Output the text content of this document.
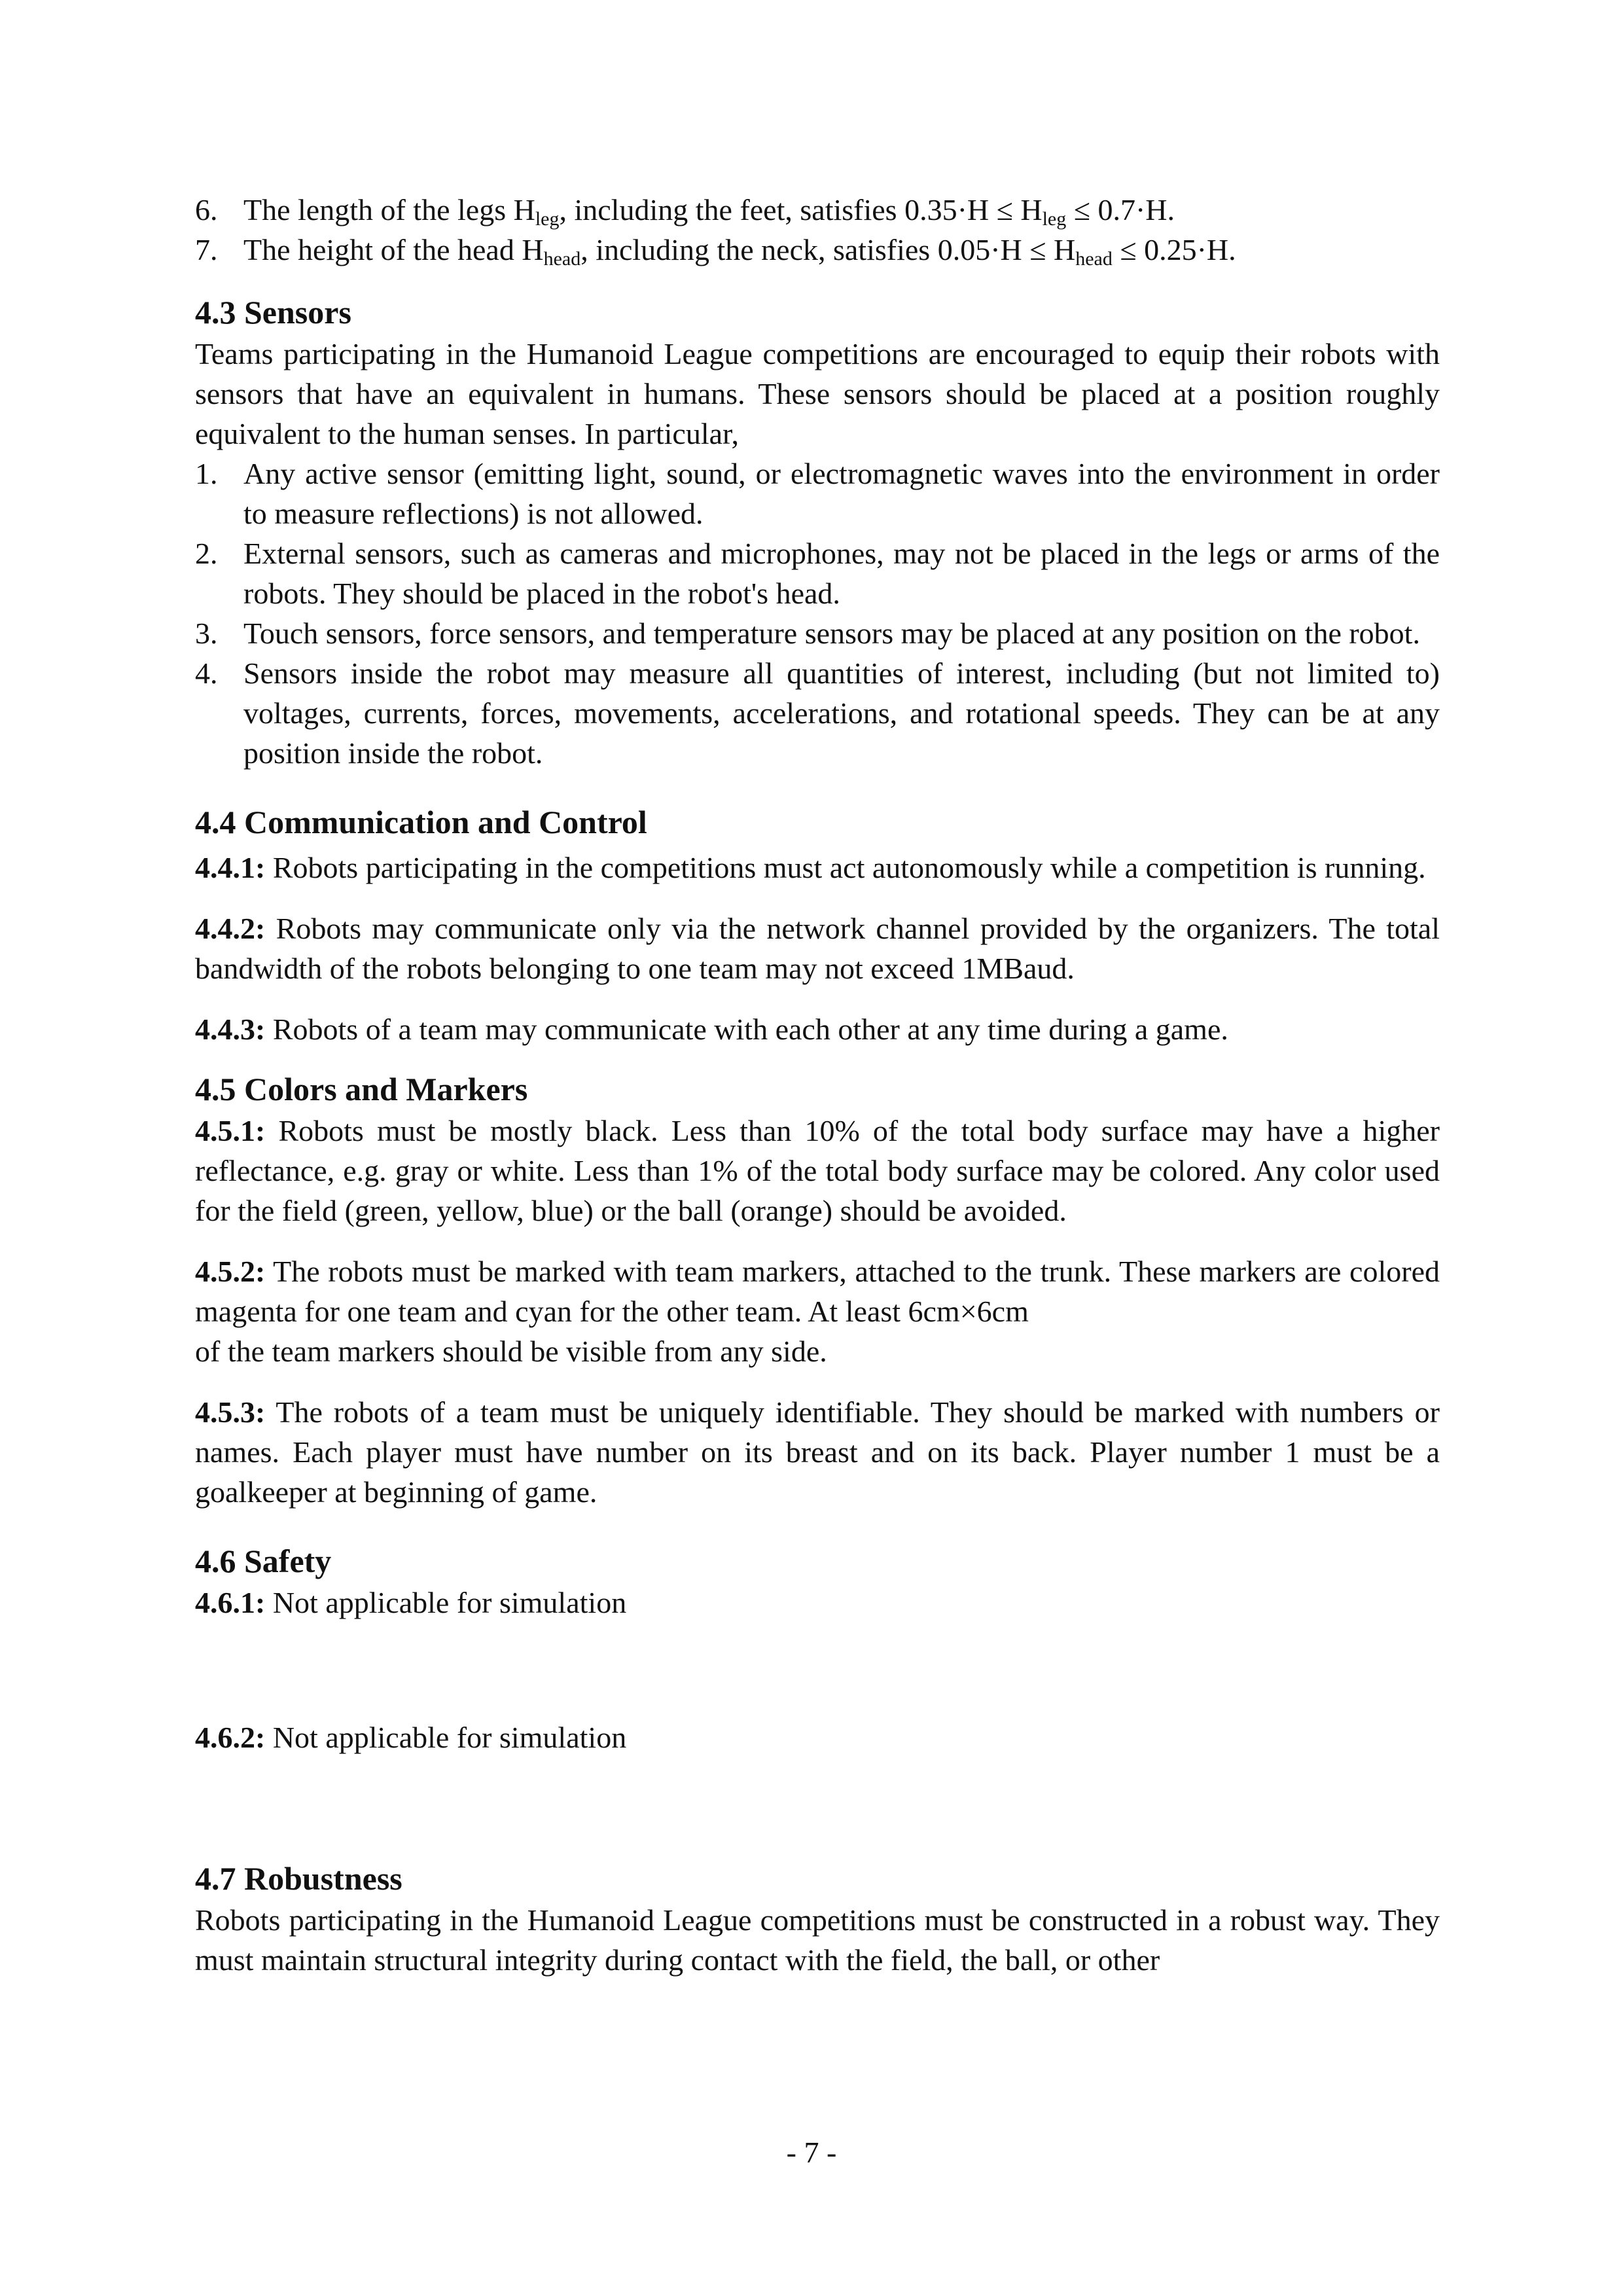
6. The length of the legs $H_{leg}$, including the feet, satisfies $0.35\cdot H \le H_{leg} \le 0.7\cdot H$.
7. The height of the head $H_{head}$, including the neck, satisfies $0.05\cdot H \le H_{head} \le 0.25\cdot H$.
4.3 Sensors

Teams participating in the Humanoid League competitions are encouraged to equip their robots with sensors that have an equivalent in humans. These sensors should be placed at a position roughly equivalent to the human senses. In particular,

1. Any active sensor (emitting light, sound, or electromagnetic waves into the environment in order to measure reflections) is not allowed.
2. External sensors, such as cameras and microphones, may not be placed in the legs or arms of the robots. They should be placed in the robot's head.
3. Touch sensors, force sensors, and temperature sensors may be placed at any position on the robot.
4. Sensors inside the robot may measure all quantities of interest, including (but not limited to) voltages, currents, forces, movements, accelerations, and rotational speeds. They can be at any position inside the robot.
4.4 Communication and Control

4.4.1: Robots participating in the competitions must act autonomously while a competition is running.

4.4.2: Robots may communicate only via the network channel provided by the organizers. The total bandwidth of the robots belonging to one team may not exceed 1MBaud.

4.4.3: Robots of a team may communicate with each other at any time during a game.

4.5 Colors and Markers

4.5.1: Robots must be mostly black. Less than 10% of the total body surface may have a higher reflectance, e.g. gray or white. Less than 1% of the total body surface may be colored. Any color used for the field (green, yellow, blue) or the ball (orange) should be avoided.

4.5.2: The robots must be marked with team markers, attached to the trunk. These markers are colored magenta for one team and cyan for the other team. At least 6cm×6cm
of the team markers should be visible from any side.

4.5.3: The robots of a team must be uniquely identifiable. They should be marked with numbers or names. Each player must have number on its breast and on its back. Player number 1 must be a goalkeeper at beginning of game.

4.6 Safety

4.6.1: Not applicable for simulation

4.6.2: Not applicable for simulation

4.7 Robustness

Robots participating in the Humanoid League competitions must be constructed in a robust way. They must maintain structural integrity during contact with the field, the ball, or other

- 7 -
